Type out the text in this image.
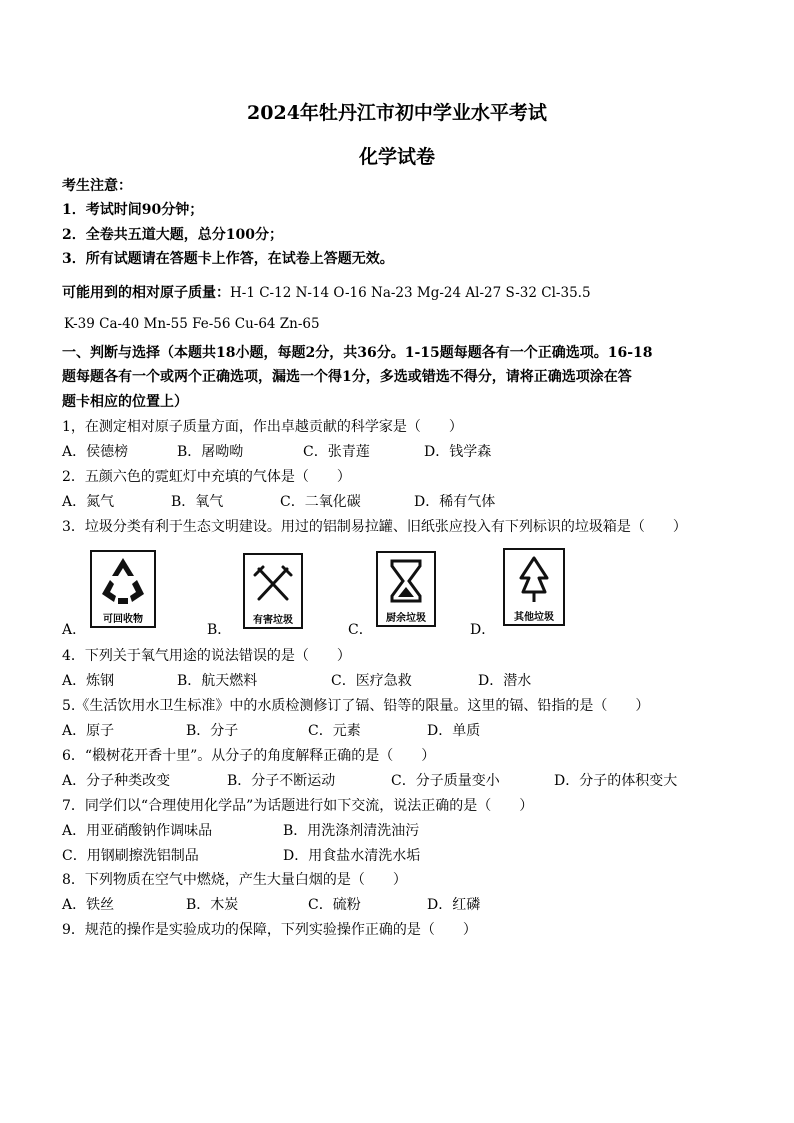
2024年牡丹江市初中学业水平考试
化学试卷
考生注意：
1．考试时间90分钟；
2．全卷共五道大题，总分100分；
3．所有试题请在答题卡上作答，在试卷上答题无效。
可能用到的相对原子质量：H-1 C-12 N-14 O-16 Na-23 Mg-24 Al-27 S-32 Cl-35.5
K-39 Ca-40 Mn-55 Fe-56 Cu-64 Zn-65
一、判断与选择（本题共18小题，每题2分，共36分。1-15题每题各有一个正确选项。16-18
题每题各有一个或两个正确选项，漏选一个得1分，多选或错选不得分，请将正确选项涂在答
题卡相应的位置上）
1，在测定相对原子质量方面，作出卓越贡献的科学家是（　　）
A．侯德榜	B．屠呦呦	C．张青莲	D．钱学森
2．五颜六色的霓虹灯中充填的气体是（　　）
A．氮气	B．氧气	C．二氧化碳	D．稀有气体
3．垃圾分类有利于生态文明建设。用过的铝制易拉罐、旧纸张应投入有下列标识的垃圾箱是（　　）
可回收物	有害垃圾	厨余垃圾	其他垃圾
A．	B．	C．	D．
4．下列关于氧气用途的说法错误的是（　　）
A．炼钢	B．航天燃料	C．医疗急救	D．潜水
5.《生活饮用水卫生标准》中的水质检测修订了镉、铅等的限量。这里的镉、铅指的是（　　）
A．原子	B．分子	C．元素	D．单质
6．“椴树花开香十里”。从分子的角度解释正确的是（　　）
A．分子种类改变	B．分子不断运动	C．分子质量变小	D．分子的体积变大
7．同学们以“合理使用化学品”为话题进行如下交流，说法正确的是（　　）
A．用亚硝酸钠作调味品	B．用洗涤剂清洗油污
C．用钢刷擦洗铝制品	D．用食盐水清洗水垢
8．下列物质在空气中燃烧，产生大量白烟的是（　　）
A．铁丝	B．木炭	C．硫粉	D．红磷
9．规范的操作是实验成功的保障，下列实验操作正确的是（　　）
